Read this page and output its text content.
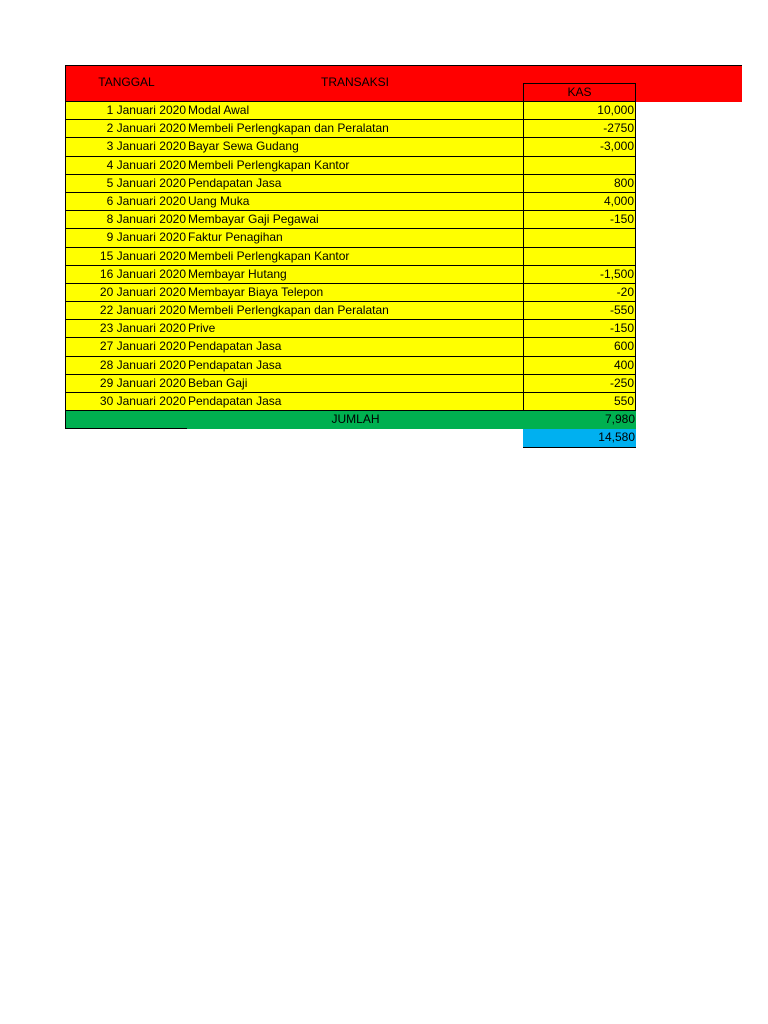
TANGGAL	TRANSAKSI
KAS
1 Januari 2020 Modal Awal	10,000
2 Januari 2020 Membeli Perlengkapan dan Peralatan	-2750
3 Januari 2020 Bayar Sewa Gudang	-3,000
4 Januari 2020 Membeli Perlengkapan Kantor
5 Januari 2020 Pendapatan Jasa	800
6 Januari 2020 Uang Muka	4,000
8 Januari 2020 Membayar Gaji Pegawai	-150
9 Januari 2020 Faktur Penagihan
15 Januari 2020 Membeli Perlengkapan Kantor
16 Januari 2020 Membayar Hutang	-1,500
20 Januari 2020 Membayar Biaya Telepon	-20
22 Januari 2020 Membeli Perlengkapan dan Peralatan	-550
23 Januari 2020 Prive	-150
27 Januari 2020 Pendapatan Jasa	600
28 Januari 2020 Pendapatan Jasa	400
29 Januari 2020 Beban Gaji	-250
30 Januari 2020 Pendapatan Jasa	550
JUMLAH	7,980
14,580
